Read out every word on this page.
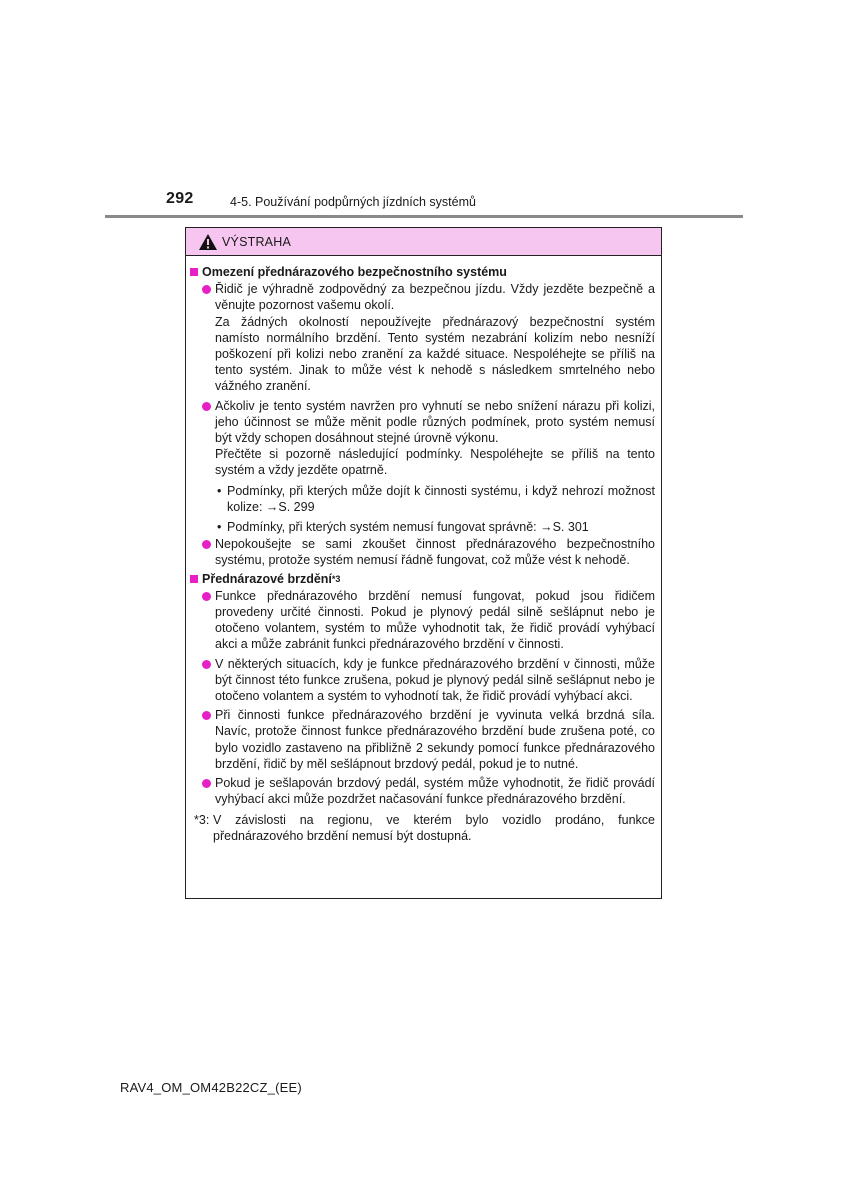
292	4-5. Používání podpůrných jízdních systémů
VÝSTRAHA
Omezení přednárazového bezpečnostního systému
Řidič je výhradně zodpovědný za bezpečnou jízdu. Vždy jezděte bezpečně a věnujte pozornost vašemu okolí.
Za žádných okolností nepoužívejte přednárazový bezpečnostní systém namísto normálního brzdění. Tento systém nezabrání kolizím nebo nesníží poškození při kolizi nebo zranění za každé situace. Nespoléhejte se příliš na tento systém. Jinak to může vést k nehodě s následkem smrtelného nebo vážného zranění.
Ačkoliv je tento systém navržen pro vyhnutí se nebo snížení nárazu při kolizi, jeho účinnost se může měnit podle různých podmínek, proto systém nemusí být vždy schopen dosáhnout stejné úrovně výkonu.
Přečtěte si pozorně následující podmínky. Nespoléhejte se příliš na tento systém a vždy jezděte opatrně.
• Podmínky, při kterých může dojít k činnosti systému, i když nehrozí možnost kolize: →S. 299
• Podmínky, při kterých systém nemusí fungovat správně: →S. 301
Nepokoušejte se sami zkoušet činnost přednárazového bezpečnostního systému, protože systém nemusí řádně fungovat, což může vést k nehodě.
Přednárazové brzdění *3
Funkce přednárazového brzdění nemusí fungovat, pokud jsou řidičem provedeny určité činnosti. Pokud je plynový pedál silně sešlápnut nebo je otočeno volantem, systém to může vyhodnotit tak, že řidič provádí vyhýbací akci a může zabránit funkci přednárazového brzdění v činnosti.
V některých situacích, kdy je funkce přednárazového brzdění v činnosti, může být činnost této funkce zrušena, pokud je plynový pedál silně sešlápnut nebo je otočeno volantem a systém to vyhodnotí tak, že řidič provádí vyhýbací akci.
Při činnosti funkce přednárazového brzdění je vyvinuta velká brzdná síla. Navíc, protože činnost funkce přednárazového brzdění bude zrušena poté, co bylo vozidlo zastaveno na přibližně 2 sekundy pomocí funkce přednárazového brzdění, řidič by měl sešlápnout brzdový pedál, pokud je to nutné.
Pokud je sešlapován brzdový pedál, systém může vyhodnotit, že řidič provádí vyhýbací akci může pozdržet načasování funkce přednárazového brzdění.
*3: V závislosti na regionu, ve kterém bylo vozidlo prodáno, funkce přednárazového brzdění nemusí být dostupná.
RAV4_OM_OM42B22CZ_(EE)
